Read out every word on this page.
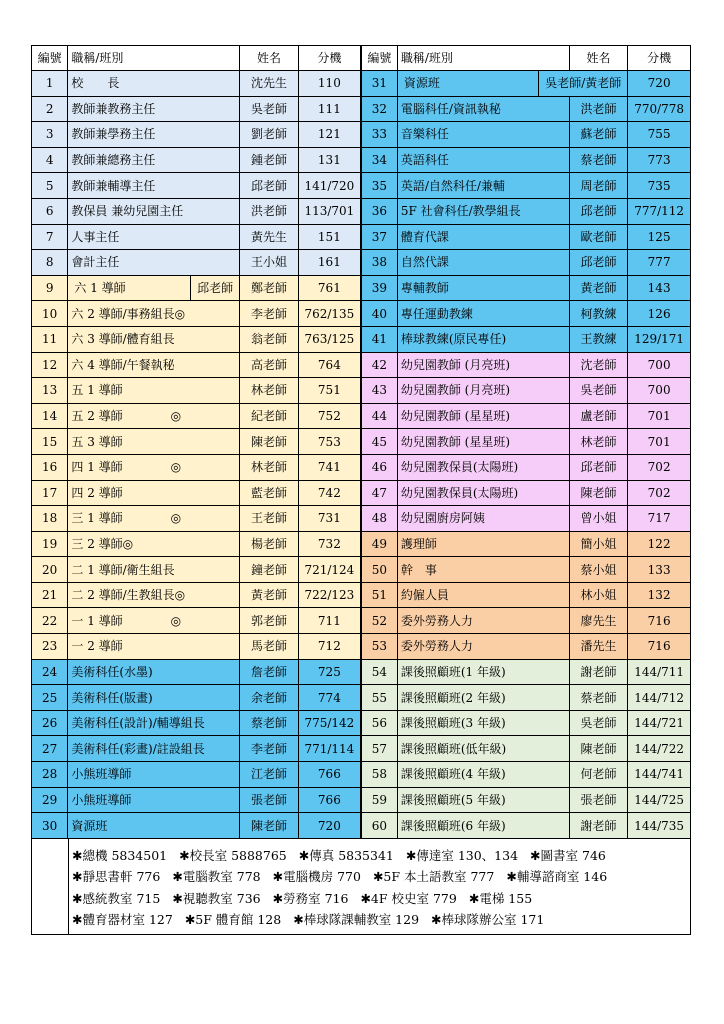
編號	職稱/班別	姓名	分機	編號	職稱/班別	姓名	分機
1	校　　長	沈先生	110	31	資源班 吳老師/黃老師		720
2	教師兼教務主任	吳老師	111	32	電腦科任/資訊執秘	洪老師	770/778
3	教師兼學務主任	劉老師	121	33	音樂科任	蘇老師	755
4	教師兼總務主任	鍾老師	131	34	英語科任	蔡老師	773
5	教師兼輔導主任	邱老師	141/720	35	英語/自然科任/兼輔	周老師	735
6	教保員 兼幼兒園主任	洪老師	113/701	36	5F 社會科任/教學組長	邱老師	777/112
7	人事主任	黃先生	151	37	體育代課	歐老師	125
8	會計主任	王小姐	161	38	自然代課	邱老師	777
9	六 1 導師 邱老師	鄭老師	761	39	專輔教師	黃老師	143
10	六 2 導師/事務組長◎	李老師	762/135	40	專任運動教練	柯教練	126
11	六 3 導師/體育組長	翁老師	763/125	41	棒球教練(原民專任)	王教練	129/171
12	六 4 導師/午餐執秘	高老師	764	42	幼兒園教師 (月亮班)	沈老師	700
13	五 1 導師	林老師	751	43	幼兒園教師 (月亮班)	吳老師	700
14	五 2 導師　　　　◎	紀老師	752	44	幼兒園教師 (星星班)	盧老師	701
15	五 3 導師	陳老師	753	45	幼兒園教師 (星星班)	林老師	701
16	四 1 導師　　　　◎	林老師	741	46	幼兒園教保員(太陽班)	邱老師	702
17	四 2 導師	藍老師	742	47	幼兒園教保員(太陽班)	陳老師	702
18	三 1 導師　　　　◎	王老師	731	48	幼兒園廚房阿姨	曾小姐	717
19	三 2 導師◎	楊老師	732	49	護理師	簡小姐	122
20	二 1 導師/衛生組長	鐘老師	721/124	50	幹　事	蔡小姐	133
21	二 2 導師/生教組長◎	黃老師	722/123	51	約僱人員	林小姐	132
22	一 1 導師　　　　◎	郭老師	711	52	委外勞務人力	廖先生	716
23	一 2 導師	馬老師	712	53	委外勞務人力	潘先生	716
24	美術科任(水墨)	詹老師	725	54	課後照顧班(1 年級)	謝老師	144/711
25	美術科任(版畫)	余老師	774	55	課後照顧班(2 年級)	蔡老師	144/712
26	美術科任(設計)/輔導組長	蔡老師	775/142	56	課後照顧班(3 年級)	吳老師	144/721
27	美術科任(彩畫)/註設組長	李老師	771/114	57	課後照顧班(低年級)	陳老師	144/722
28	小熊班導師	江老師	766	58	課後照顧班(4 年級)	何老師	144/741
29	小熊班導師	張老師	766	59	課後照顧班(5 年級)	張老師	144/725
30	資源班	陳老師	720	60	課後照顧班(6 年級)	謝老師	144/735
✱總機 5834501 ✱校長室 5888765 ✱傳真 5835341 ✱傳達室 130、134 ✱圖書室 746
✱靜思書軒 776 ✱電腦教室 778 ✱電腦機房 770 ✱5F 本土語教室 777 ✱輔導諮商室 146
✱感統教室 715 ✱視聽教室 736 ✱勞務室 716 ✱4F 校史室 779 ✱電梯 155
✱體育器材室 127 ✱5F 體育館 128 ✱棒球隊課輔教室 129 ✱棒球隊辦公室 171
